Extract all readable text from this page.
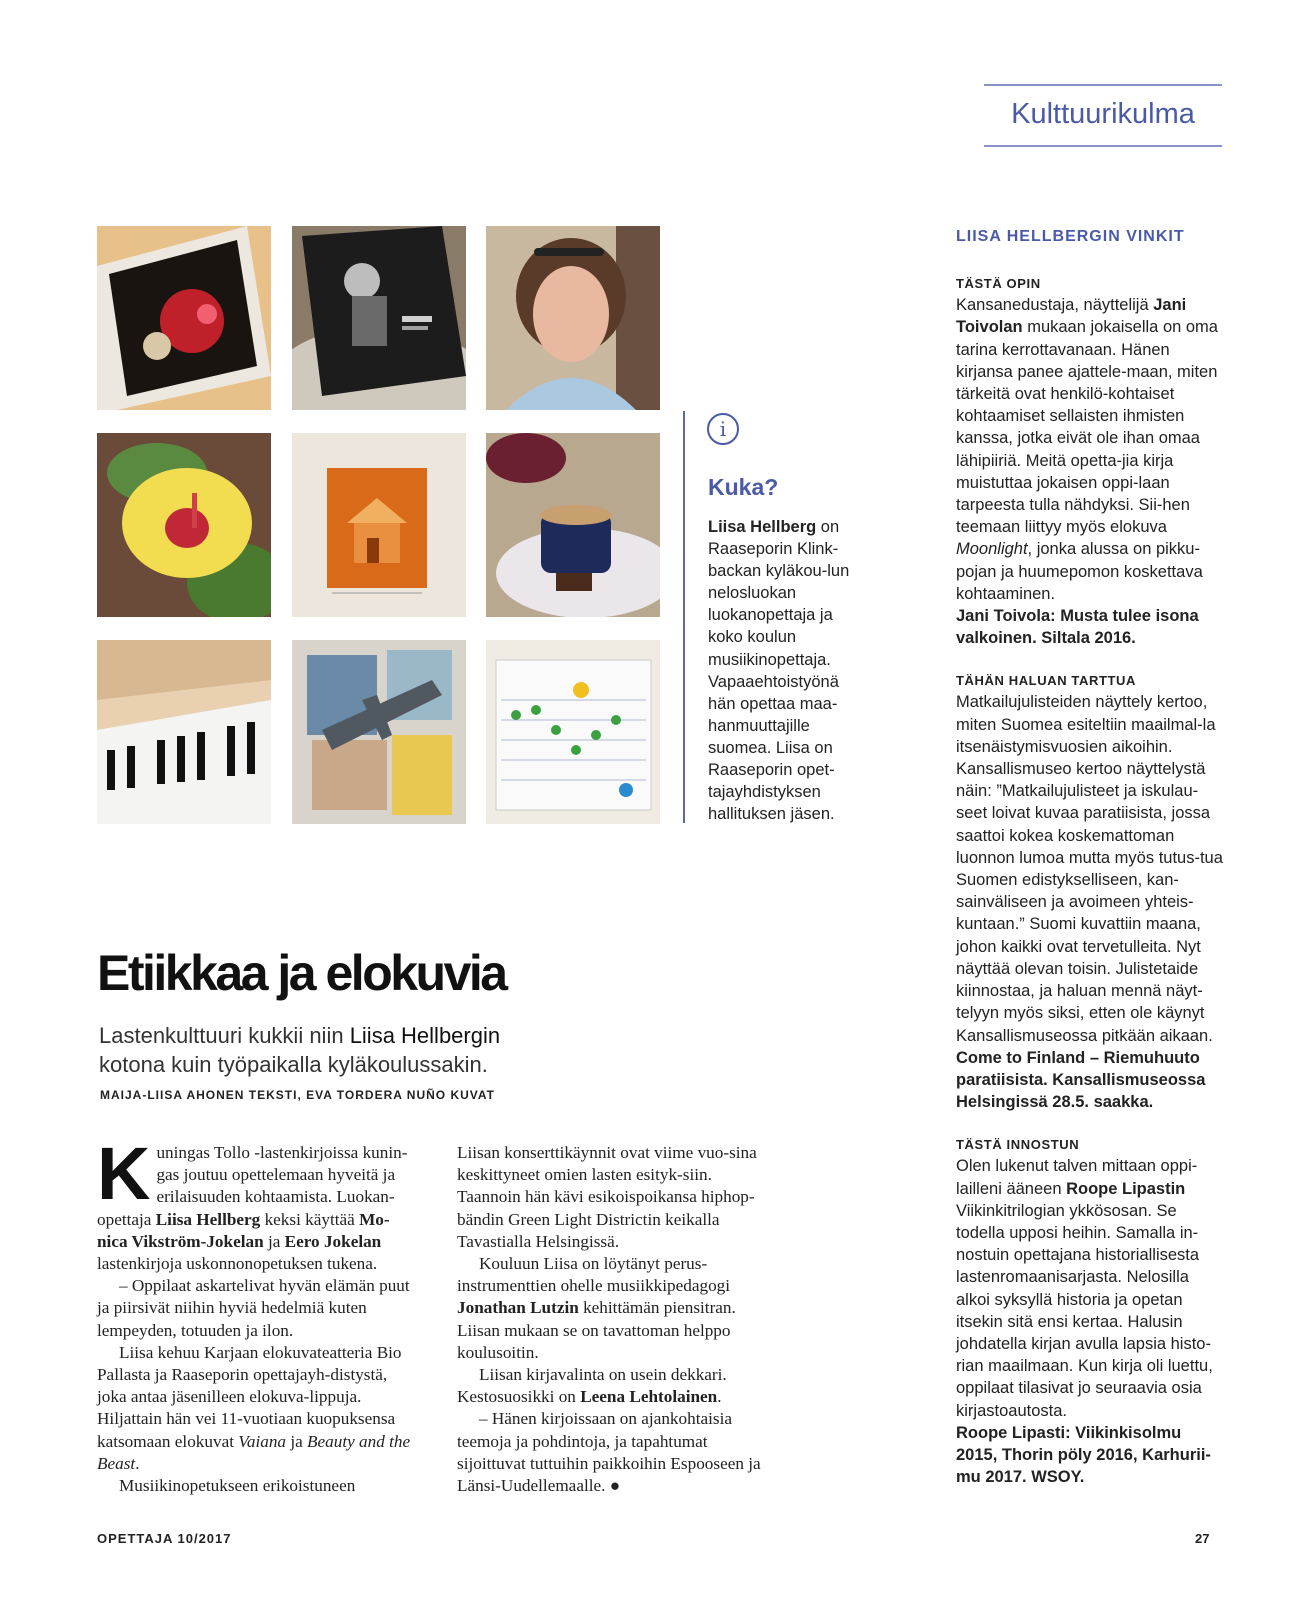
Kulttuurikulma
i
Kuka?
Liisa Hellberg on Raaseporin Klink-backan kyläkou-lun nelosluokan luokanopettaja ja koko koulun musiikinopettaja. Vapaaehtoistyönä hän opettaa maa-hanmuuttajille suomea. Liisa on Raaseporin opet-tajayhdistyksen hallituksen jäsen.

LIISA HELLBERGIN VINKIT

TÄSTÄ OPIN

Kansanedustaja, näyttelijä Jani Toivolan mukaan jokaisella on oma tarina kerrottavanaan. Hänen kirjansa panee ajattele-maan, miten tärkeitä ovat henkilö-kohtaiset kohtaamiset sellaisten ihmisten kanssa, jotka eivät ole ihan omaa lähipiiriä. Meitä opetta-jia kirja muistuttaa jokaisen oppi-laan tarpeesta tulla nähdyksi. Sii-hen teemaan liittyy myös elokuva Moonlight, jonka alussa on pikku-pojan ja huumepomon koskettava kohtaaminen.

Jani Toivola: Musta tulee isona valkoinen. Siltala 2016.

TÄHÄN HALUAN TARTTUA

Matkailujulisteiden näyttely kertoo, miten Suomea esiteltiin maailmal-la itsenäistymisvuosien aikoihin. Kansallismuseo kertoo näyttelystä näin: ”Matkailujulisteet ja iskulau-seet loivat kuvaa paratiisista, jossa saattoi kokea koskemattoman luonnon lumoa mutta myös tutus-tua Suomen edistykselliseen, kan-sainväliseen ja avoimeen yhteis-kuntaan.” Suomi kuvattiin maana, johon kaikki ovat tervetulleita. Nyt näyttää olevan toisin. Julistetaide kiinnostaa, ja haluan mennä näyt-telyyn myös siksi, etten ole käynyt Kansallismuseossa pitkään aikaan.

Come to Finland – Riemuhuuto paratiisista. Kansallismuseossa Helsingissä 28.5. saakka.

TÄSTÄ INNOSTUN

Olen lukenut talven mittaan oppi-lailleni ääneen Roope Lipastin Viikinkitrilogian ykkösosan. Se todella upposi heihin. Samalla in-nostuin opettajana historiallisesta lastenromaanisarjasta. Nelosilla alkoi syksyllä historia ja opetan itsekin sitä ensi kertaa. Halusin johdatella kirjan avulla lapsia histo-rian maailmaan. Kun kirja oli luettu, oppilaat tilasivat jo seuraavia osia kirjastoautosta.

Roope Lipasti: Viikinkisolmu 2015, Thorin pöly 2016, Karhurii-mu 2017. WSOY.

Etiikkaa ja elokuvia
Lastenkulttuuri kukkii niin Liisa Hellbergin kotona kuin työpaikalla kyläkoulussakin.
MAIJA-LIISA AHONEN TEKSTI, EVA TORDERA NUÑO KUVAT

Kuningas Tollo -lastenkirjoissa kunin-gas joutuu opettelemaan hyveitä ja erilaisuuden kohtaamista. Luokan-opettaja Liisa Hellberg keksi käyttää Mo-nica Vikström-Jokelan ja Eero Jokelan lastenkirjoja uskonnonopetuksen tukena.

– Oppilaat askartelivat hyvän elämän puut ja piirsivät niihin hyviä hedelmiä kuten lempeyden, totuuden ja ilon.

Liisa kehuu Karjaan elokuvateatteria Bio Pallasta ja Raaseporin opettajayh-distystä, joka antaa jäsenilleen elokuva-lippuja. Hiljattain hän vei 11-vuotiaan kuopuksensa katsomaan elokuvat Vaiana ja Beauty and the Beast.

Musiikinopetukseen erikoistuneen

Liisan konserttikäynnit ovat viime vuo-sina keskittyneet omien lasten esityk-siin. Taannoin hän kävi esikoispoikansa hiphop-bändin Green Light Districtin keikalla Tavastialla Helsingissä.

Kouluun Liisa on löytänyt perus-instrumenttien ohelle musiikkipedagogi Jonathan Lutzin kehittämän piensitran. Liisan mukaan se on tavattoman helppo koulusoitin.

Liisan kirjavalinta on usein dekkari. Kestosuosikki on Leena Lehtolainen.

– Hänen kirjoissaan on ajankohtaisia teemoja ja pohdintoja, ja tapahtumat sijoittuvat tuttuihin paikkoihin Espooseen ja Länsi-Uudellemaalle. ●

OPETTAJA 10/2017	27
